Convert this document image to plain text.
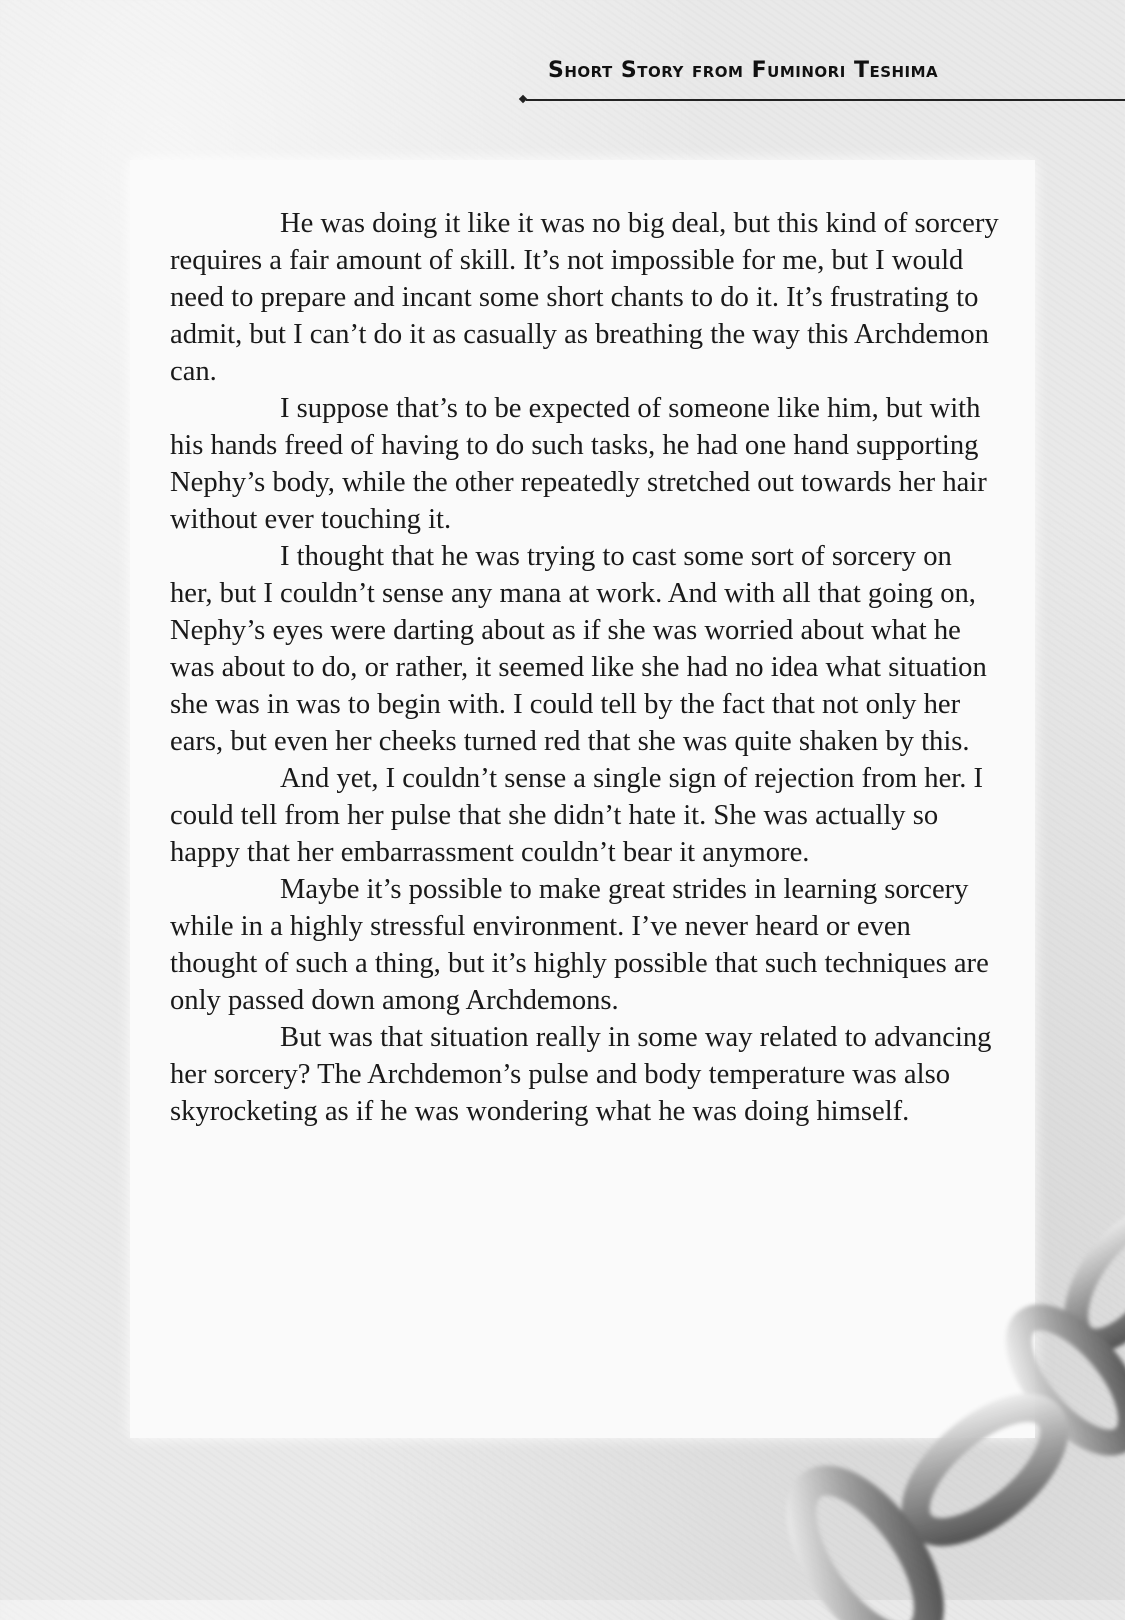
Short Story from Fuminori Teshima

He was doing it like it was no big deal, but this kind of sorcery requires a fair amount of skill. It’s not impossible for me, but I would need to prepare and incant some short chants to do it. It’s frustrating to admit, but I can’t do it as casually as breathing the way this Archdemon can.

I suppose that’s to be expected of someone like him, but with his hands freed of having to do such tasks, he had one hand supporting Nephy’s body, while the other repeatedly stretched out towards her hair without ever touching it.

I thought that he was trying to cast some sort of sorcery on her, but I couldn’t sense any mana at work. And with all that going on, Nephy’s eyes were darting about as if she was worried about what he was about to do, or rather, it seemed like she had no idea what situation she was in was to begin with. I could tell by the fact that not only her ears, but even her cheeks turned red that she was quite shaken by this.

And yet, I couldn’t sense a single sign of rejection from her. I could tell from her pulse that she didn’t hate it. She was actually so happy that her embarrassment couldn’t bear it anymore.

Maybe it’s possible to make great strides in learning sorcery while in a highly stressful environment. I’ve never heard or even thought of such a thing, but it’s highly possible that such techniques are only passed down among Archdemons.

But was that situation really in some way related to advancing her sorcery? The Archdemon’s pulse and body temperature was also skyrocketing as if he was wondering what he was doing himself.
